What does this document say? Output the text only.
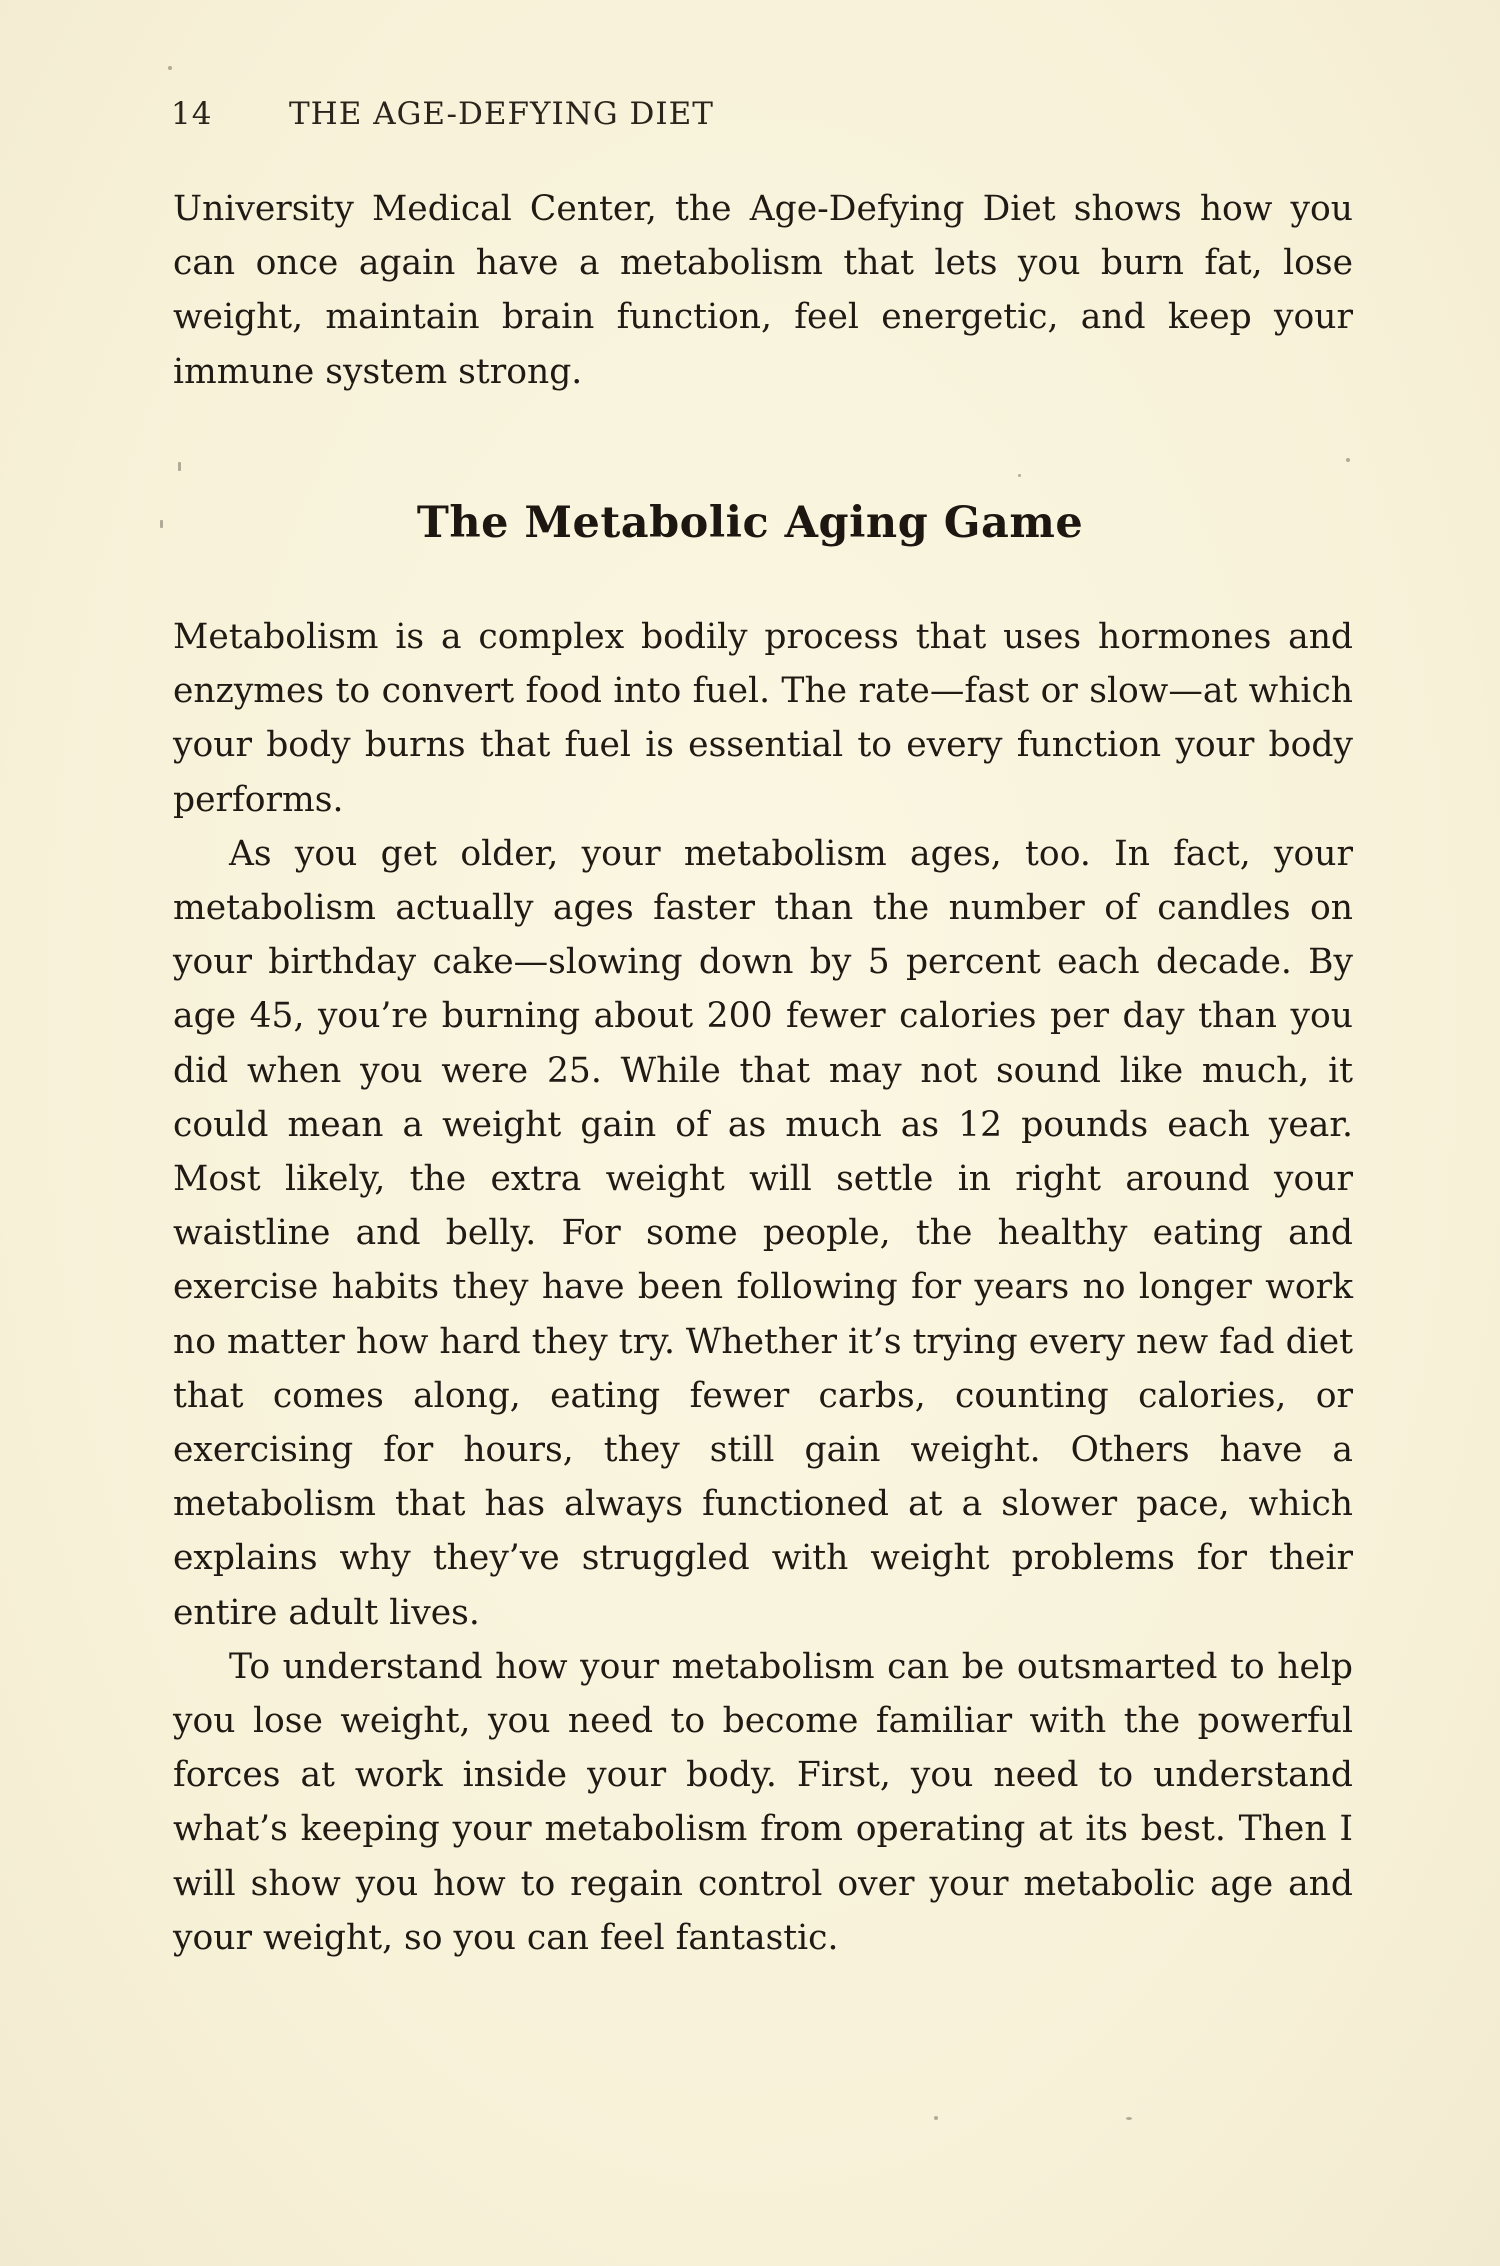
14 THE AGE-DEFYING DIET

University Medical Center, the Age-Defying Diet shows how you can once again have a metabolism that lets you burn fat, lose weight, maintain brain function, feel energetic, and keep your immune system strong.

The Metabolic Aging Game

Metabolism is a complex bodily process that uses hormones and enzymes to convert food into fuel. The rate—fast or slow—at which your body burns that fuel is essential to every function your body performs.

As you get older, your metabolism ages, too. In fact, your metabolism actually ages faster than the number of candles on your birthday cake—slowing down by 5 percent each decade. By age 45, you’re burning about 200 fewer calories per day than you did when you were 25. While that may not sound like much, it could mean a weight gain of as much as 12 pounds each year. Most likely, the extra weight will settle in right around your waistline and belly. For some people, the healthy eating and exercise habits they have been following for years no longer work no matter how hard they try. Whether it’s trying every new fad diet that comes along, eating fewer carbs, counting calories, or exercising for hours, they still gain weight. Others have a metabolism that has always functioned at a slower pace, which explains why they’ve struggled with weight problems for their entire adult lives.

To understand how your metabolism can be outsmarted to help you lose weight, you need to become familiar with the powerful forces at work inside your body. First, you need to understand what’s keeping your metabolism from operating at its best. Then I will show you how to regain control over your metabolic age and your weight, so you can feel fantastic.
